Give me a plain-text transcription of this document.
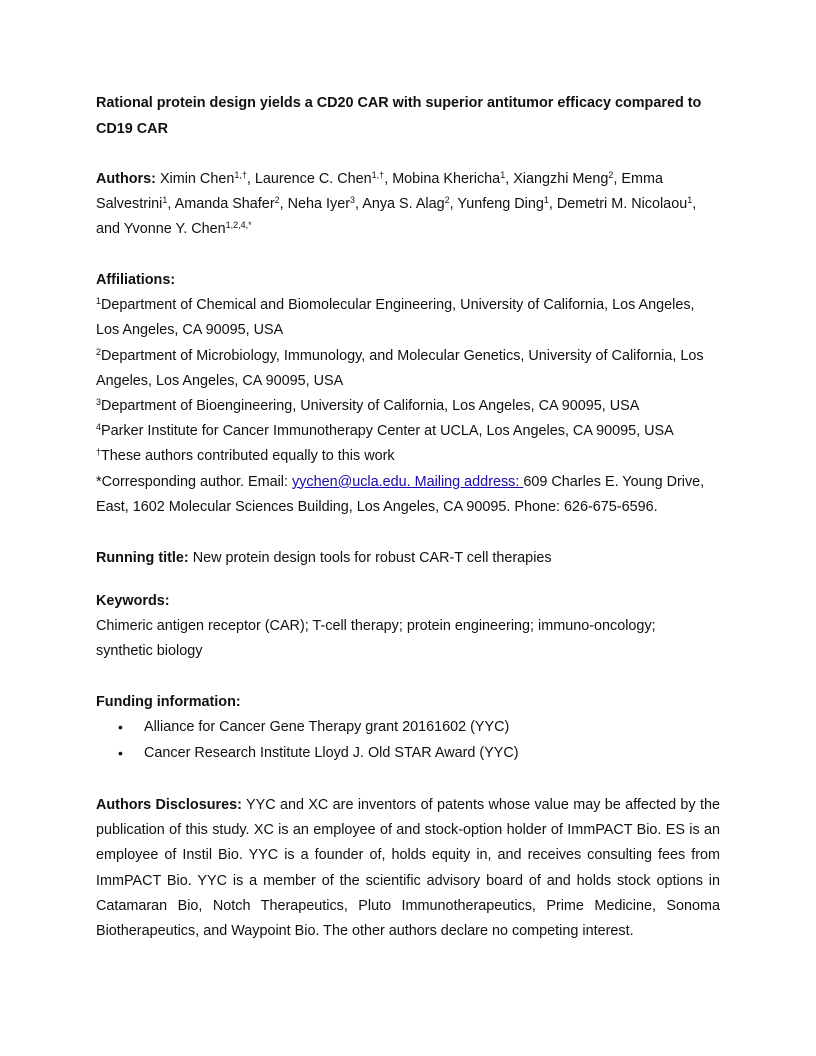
Rational protein design yields a CD20 CAR with superior antitumor efficacy compared to CD19 CAR
Authors: Ximin Chen$^{1,\dagger}$, Laurence C. Chen$^{1,\dagger}$, Mobina Khericha$^1$, Xiangzhi Meng$^2$, Emma
Salvestrini$^1$, Amanda Shafer$^2$, Neha Iyer$^3$, Anya S. Alag$^2$, Yunfeng Ding$^1$, Demetri M. Nicolaou$^1$,
and Yvonne Y. Chen$^{1,2,4,*}$
Affiliations:
$^1$Department of Chemical and Biomolecular Engineering, University of California, Los Angeles,
Los Angeles, CA 90095, USA
$^2$Department of Microbiology, Immunology, and Molecular Genetics, University of California, Los
Angeles, Los Angeles, CA 90095, USA
$^3$Department of Bioengineering, University of California, Los Angeles, CA 90095, USA
$^4$Parker Institute for Cancer Immunotherapy Center at UCLA, Los Angeles, CA 90095, USA
†These authors contributed equally to this work
*Corresponding author. Email: yychen@ucla.edu. Mailing address: 609 Charles E. Young Drive,
East, 1602 Molecular Sciences Building, Los Angeles, CA 90095. Phone: 626-675-6596.
Running title: New protein design tools for robust CAR-T cell therapies
Keywords:
Chimeric antigen receptor (CAR); T-cell therapy; protein engineering; immuno-oncology;
synthetic biology
Funding information:
• Alliance for Cancer Gene Therapy grant 20161602 (YYC)
• Cancer Research Institute Lloyd J. Old STAR Award (YYC)
Authors Disclosures: YYC and XC are inventors of patents whose value may be affected by the publication of this study. XC is an employee of and stock-option holder of ImmPACT Bio. ES is an employee of Instil Bio. YYC is a founder of, holds equity in, and receives consulting fees from ImmPACT Bio. YYC is a member of the scientific advisory board of and holds stock options in Catamaran Bio, Notch Therapeutics, Pluto Immunotherapeutics, Prime Medicine, Sonoma Biotherapeutics, and Waypoint Bio. The other authors declare no competing interest.
